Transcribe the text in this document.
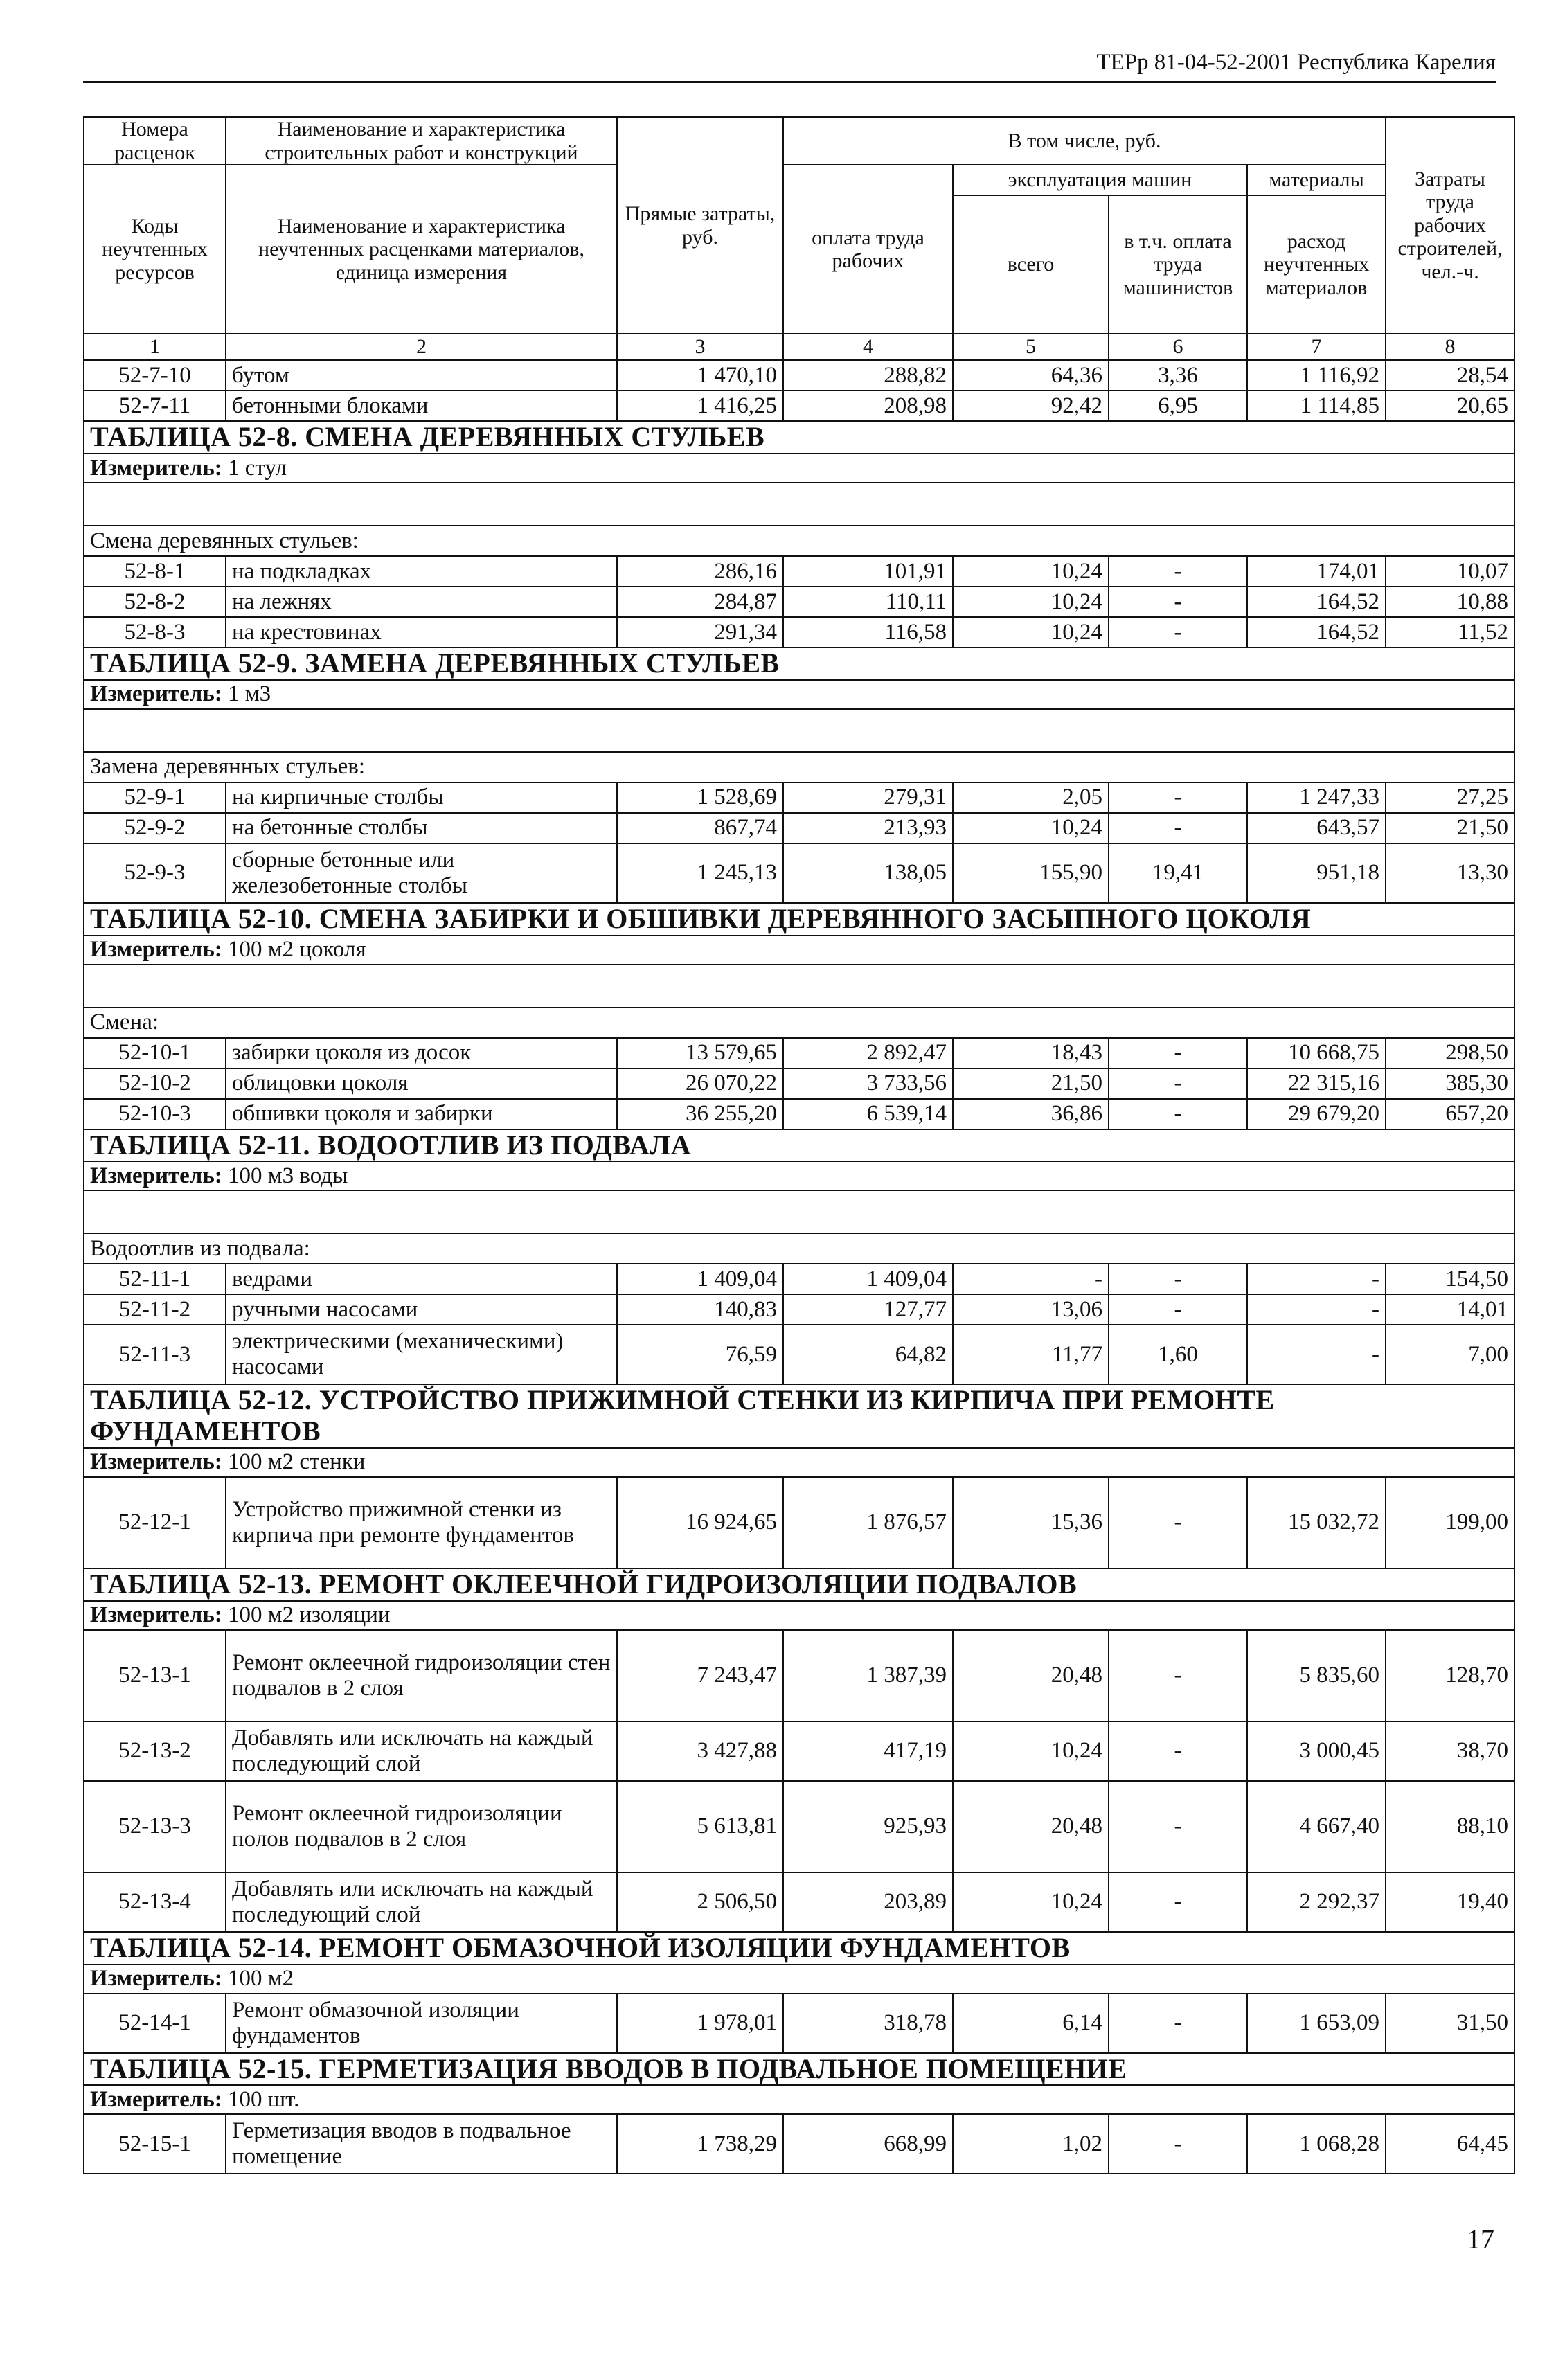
ТЕРр 81-04-52-2001 Республика Карелия
Номера расценок	Наименование и характеристика строительных работ и конструкций	Прямые затраты, руб.	В том числе, руб.				Затраты труда рабочих строителей, чел.-ч.
Коды неучтенных ресурсов	Наименование и характеристика неучтенных расценками материалов, единица измерения		оплата труда рабочих	эксплуатация машин		материалы	
				всего	в т.ч. оплата труда машинистов	расход неучтенных материалов	
1	2	3	4	5	6	7	8
52-7-10	бутом	1 470,10	288,82	64,36	3,36	1 116,92	28,54
52-7-11	бетонными блоками	1 416,25	208,98	92,42	6,95	1 114,85	20,65
ТАБЛИЦА 52-8. СМЕНА ДЕРЕВЯННЫХ СТУЛЬЕВ							
Измеритель: 1 стул							

Смена деревянных стульев:							
52-8-1	на подкладках	286,16	101,91	10,24	-	174,01	10,07
52-8-2	на лежнях	284,87	110,11	10,24	-	164,52	10,88
52-8-3	на крестовинах	291,34	116,58	10,24	-	164,52	11,52
ТАБЛИЦА 52-9. ЗАМЕНА ДЕРЕВЯННЫХ СТУЛЬЕВ							
Измеритель: 1 м3							

Замена деревянных стульев:							
52-9-1	на кирпичные столбы	1 528,69	279,31	2,05	-	1 247,33	27,25
52-9-2	на бетонные столбы	867,74	213,93	10,24	-	643,57	21,50
52-9-3	сборные бетонные или железобетонные столбы	1 245,13	138,05	155,90	19,41	951,18	13,30
ТАБЛИЦА 52-10. СМЕНА ЗАБИРКИ И ОБШИВКИ ДЕРЕВЯННОГО ЗАСЫПНОГО ЦОКОЛЯ							
Измеритель: 100 м2 цоколя							

Смена:							
52-10-1	забирки цоколя из досок	13 579,65	2 892,47	18,43	-	10 668,75	298,50
52-10-2	облицовки цоколя	26 070,22	3 733,56	21,50	-	22 315,16	385,30
52-10-3	обшивки цоколя и забирки	36 255,20	6 539,14	36,86	-	29 679,20	657,20
ТАБЛИЦА 52-11. ВОДООТЛИВ ИЗ ПОДВАЛА							
Измеритель: 100 м3 воды							

Водоотлив из подвала:							
52-11-1	ведрами	1 409,04	1 409,04	-	-	-	154,50
52-11-2	ручными насосами	140,83	127,77	13,06	-	-	14,01
52-11-3	электрическими (механическими) насосами	76,59	64,82	11,77	1,60	-	7,00
ТАБЛИЦА 52-12. УСТРОЙСТВО ПРИЖИМНОЙ СТЕНКИ ИЗ КИРПИЧА ПРИ РЕМОНТЕ ФУНДАМЕНТОВ							
Измеритель: 100 м2 стенки							
52-12-1	Устройство прижимной стенки из кирпича при ремонте фундаментов	16 924,65	1 876,57	15,36	-	15 032,72	199,00
ТАБЛИЦА 52-13. РЕМОНТ ОКЛЕЕЧНОЙ ГИДРОИЗОЛЯЦИИ ПОДВАЛОВ							
Измеритель: 100 м2 изоляции							
52-13-1	Ремонт оклеечной гидроизоляции стен подвалов в 2 слоя	7 243,47	1 387,39	20,48	-	5 835,60	128,70
52-13-2	Добавлять или исключать на каждый последующий слой	3 427,88	417,19	10,24	-	3 000,45	38,70
52-13-3	Ремонт оклеечной гидроизоляции полов подвалов в 2 слоя	5 613,81	925,93	20,48	-	4 667,40	88,10
52-13-4	Добавлять или исключать на каждый последующий слой	2 506,50	203,89	10,24	-	2 292,37	19,40
ТАБЛИЦА 52-14. РЕМОНТ ОБМАЗОЧНОЙ ИЗОЛЯЦИИ ФУНДАМЕНТОВ							
Измеритель: 100 м2							
52-14-1	Ремонт обмазочной изоляции фундаментов	1 978,01	318,78	6,14	-	1 653,09	31,50
ТАБЛИЦА 52-15. ГЕРМЕТИЗАЦИЯ ВВОДОВ В ПОДВАЛЬНОЕ ПОМЕЩЕНИЕ							
Измеритель: 100 шт.							
52-15-1	Герметизация вводов в подвальное помещение	1 738,29	668,99	1,02	-	1 068,28	64,45
17
